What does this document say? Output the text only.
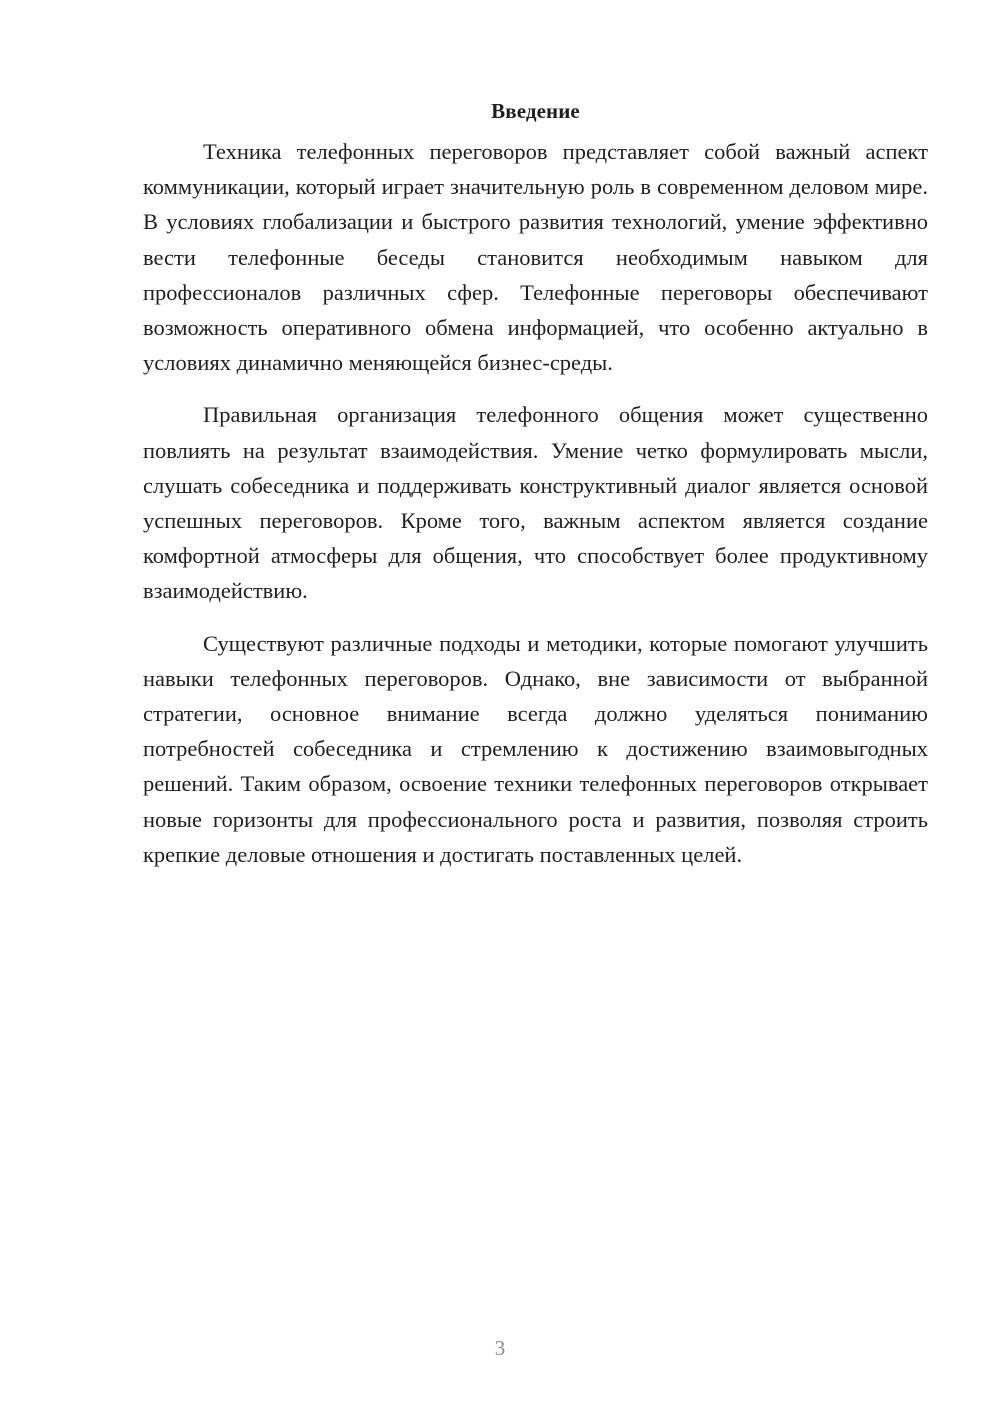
Введение

Техника телефонных переговоров представляет собой важный аспект коммуникации, который играет значительную роль в современном деловом мире. В условиях глобализации и быстрого развития технологий, умение эффективно вести телефонные беседы становится необходимым навыком для профессионалов различных сфер. Телефонные переговоры обеспечивают возможность оперативного обмена информацией, что особенно актуально в условиях динамично меняющейся бизнес-среды.

Правильная организация телефонного общения может существенно повлиять на результат взаимодействия. Умение четко формулировать мысли, слушать собеседника и поддерживать конструктивный диалог является основой успешных переговоров. Кроме того, важным аспектом является создание комфортной атмосферы для общения, что способствует более продуктивному взаимодействию.

Существуют различные подходы и методики, которые помогают улучшить навыки телефонных переговоров. Однако, вне зависимости от выбранной стратегии, основное внимание всегда должно уделяться пониманию потребностей собеседника и стремлению к достижению взаимовыгодных решений. Таким образом, освоение техники телефонных переговоров открывает новые горизонты для профессионального роста и развития, позволяя строить крепкие деловые отношения и достигать поставленных целей.

3
